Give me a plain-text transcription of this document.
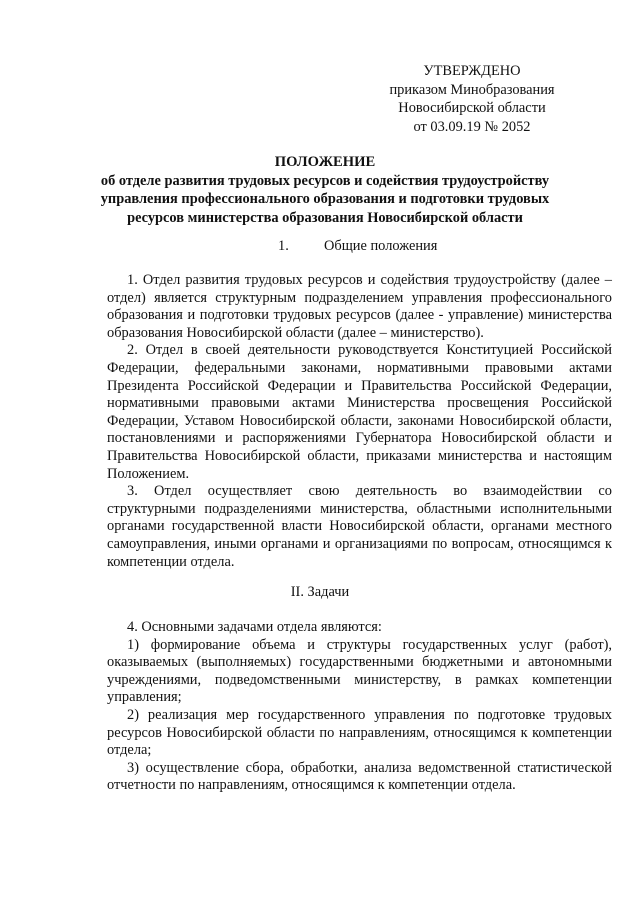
УТВЕРЖДЕНО
приказом Минобразования
Новосибирской области
от 03.09.19 № 2052
ПОЛОЖЕНИЕ
об отделе развития трудовых ресурсов и содействия трудоустройству
управления профессионального образования и подготовки трудовых
ресурсов министерства образования Новосибирской области
1. Общие положения

1. Отдел развития трудовых ресурсов и содействия трудоустройству (далее – отдел) является структурным подразделением управления профессионального образования и подготовки трудовых ресурсов (далее - управление) министерства образования Новосибирской области (далее – министерство).

2. Отдел в своей деятельности руководствуется Конституцией Российской Федерации, федеральными законами, нормативными правовыми актами Президента Российской Федерации и Правительства Российской Федерации, нормативными правовыми актами Министерства просвещения Российской Федерации, Уставом Новосибирской области, законами Новосибирской области, постановлениями и распоряжениями Губернатора Новосибирской области и Правительства Новосибирской области, приказами министерства и настоящим Положением.

3. Отдел осуществляет свою деятельность во взаимодействии со структурными подразделениями министерства, областными исполнительными органами государственной власти Новосибирской области, органами местного самоуправления, иными органами и организациями по вопросам, относящимся к компетенции отдела.

II. Задачи

4. Основными задачами отдела являются:

1) формирование объема и структуры государственных услуг (работ), оказываемых (выполняемых) государственными бюджетными и автономными учреждениями, подведомственными министерству, в рамках компетенции управления;

2) реализация мер государственного управления по подготовке трудовых ресурсов Новосибирской области по направлениям, относящимся к компетенции отдела;

3) осуществление сбора, обработки, анализа ведомственной статистической отчетности по направлениям, относящимся к компетенции отдела.
